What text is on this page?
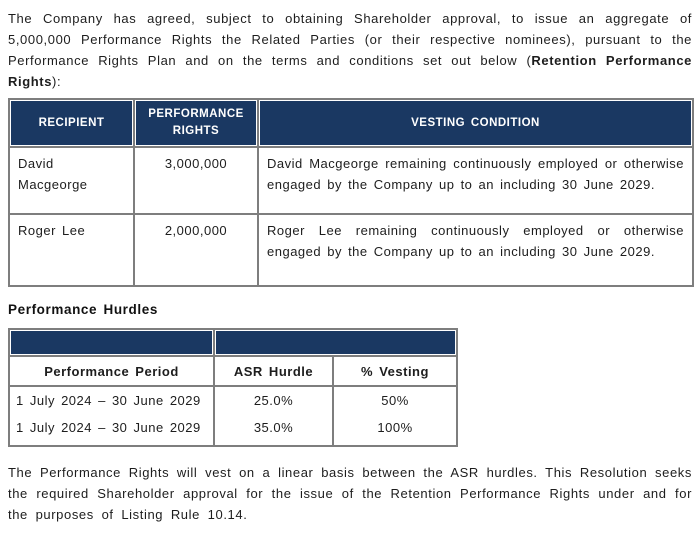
The Company has agreed, subject to obtaining Shareholder approval, to issue an aggregate of 5,000,000 Performance Rights the Related Parties (or their respective nominees), pursuant to the Performance Rights Plan and on the terms and conditions set out below (Retention Performance Rights):

RECIPIENT	PERFORMANCE RIGHTS	VESTING CONDITION

David Macgeorge	3,000,000	David Macgeorge remaining continuously employed or otherwise engaged by the Company up to an including 30 June 2029.
Roger Lee	2,000,000	Roger Lee remaining continuously employed or otherwise engaged by the Company up to an including 30 June 2029.
Performance Hurdles

Performance Period	ASR Hurdle	% Vesting
1 July 2024 – 30 June 2029	25.0%	50%
1 July 2024 – 30 June 2029	35.0%	100%

The Performance Rights will vest on a linear basis between the ASR hurdles. This Resolution seeks the required Shareholder approval for the issue of the Retention Performance Rights under and for the purposes of Listing Rule 10.14.
